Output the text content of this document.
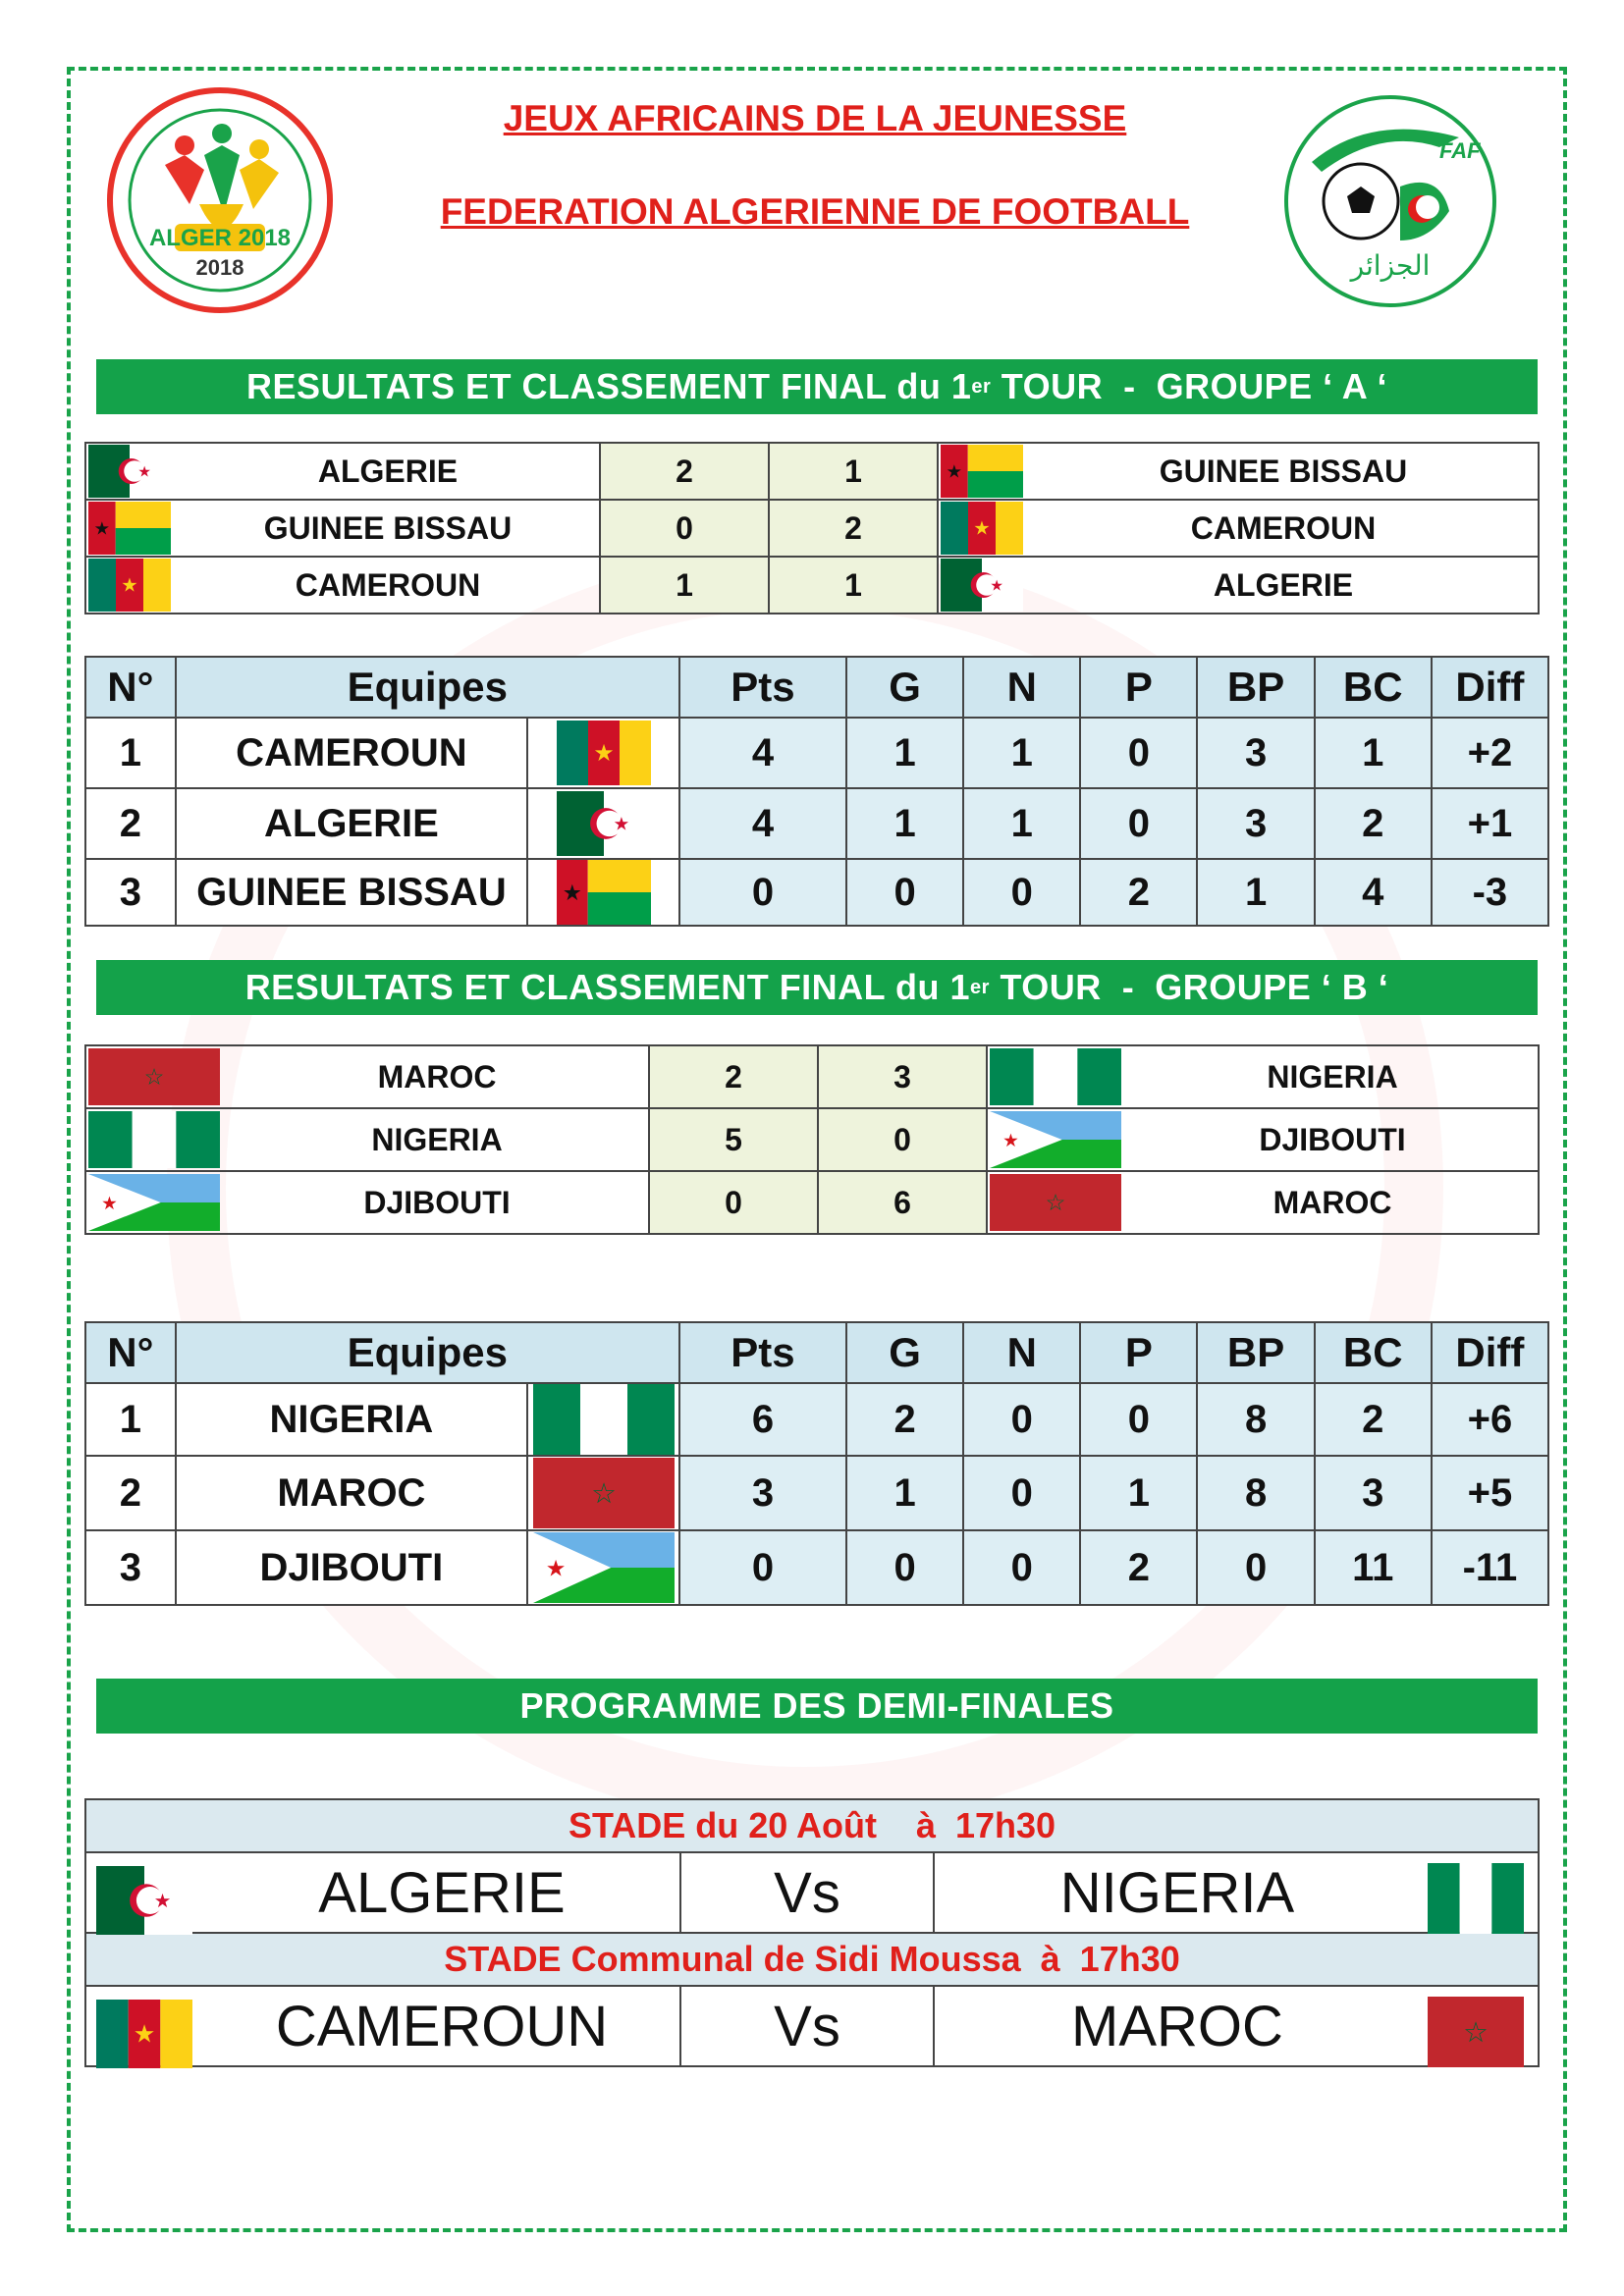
ALGER 2018
2018
FAF
الجزائر
JEUX AFRICAINS DE LA JEUNESSE
FEDERATION ALGERIENNE DE FOOTBALL
RESULTATS ET CLASSEMENT FINAL du 1 er TOUR  -  GROUPE ‘ A ‘
★	ALGERIE	2	1	★	GUINEE BISSAU

★	GUINEE BISSAU	0	2	★	CAMEROUN

★	CAMEROUN	1	1	★	ALGERIE
N°	Equipes		Pts	G	N	P	BP	BC	Diff
1	CAMEROUN	★	4	1	1	0	3	1	+2
2	ALGERIE	★	4	1	1	0	3	2	+1
3	GUINEE BISSAU	★	0	0	0	2	1	4	-3
RESULTATS ET CLASSEMENT FINAL du 1 er TOUR  -  GROUPE ‘ B ‘
☆	MAROC	2	3		NIGERIA

	NIGERIA	5	0	★	DJIBOUTI

★	DJIBOUTI	0	6	☆	MAROC
N°	Equipes		Pts	G	N	P	BP	BC	Diff
1	NIGERIA		6	2	0	0	8	2	+6
2	MAROC	☆	3	1	0	1	8	3	+5
3	DJIBOUTI	★	0	0	0	2	0	11	-11
PROGRAMME DES DEMI-FINALES
STADE du 20 Août    à  17h30		

★ ALGERIE	Vs	NIGERIA

STADE Communal de Sidi Moussa  à  17h30		

★ CAMEROUN	Vs	MAROC ☆
